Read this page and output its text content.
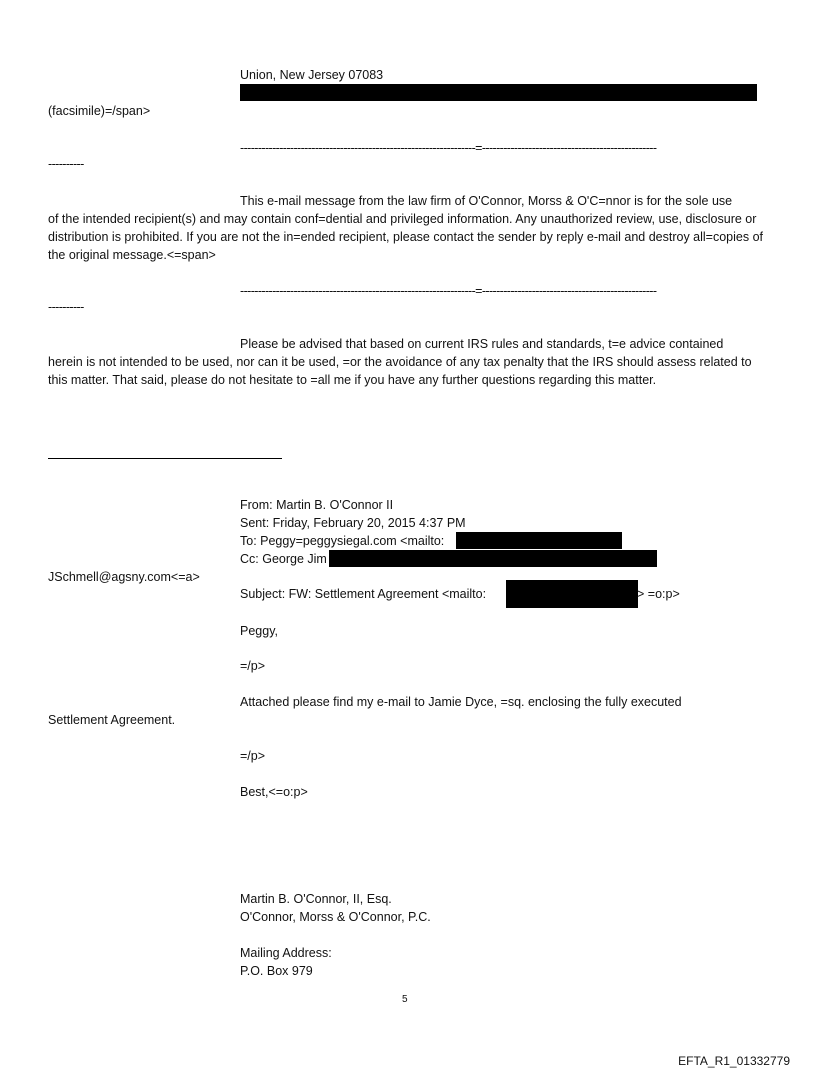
Union, New Jersey 07083
(facsimile)=/span>
------------------------------------------------------------------=-------------------------------------------------
----------
This e-mail message from the law firm of O'Connor, Morss & O'C=nnor is for the sole use
of the intended recipient(s) and may contain conf=dential and privileged information. Any unauthorized review, use, disclosure or distribution is prohibited. If you are not the in=ended recipient, please contact the sender by reply e-mail and destroy all=copies of the original message.<=span>
------------------------------------------------------------------=-------------------------------------------------
----------
Please be advised that based on current IRS rules and standards, t=e advice contained
herein is not intended to be used, nor can it be used, =or the avoidance of any tax penalty that the IRS should assess related to this matter. That said, please do not hesitate to =all me if you have any further questions regarding this matter.
From: Martin B. O'Connor II
Sent: Friday, February 20, 2015 4:37 PM
To: Peggy=peggysiegal.com <mailto:
Cc: George Jim
JSchmell@agsny.com<=a>
Subject: FW: Settlement Agreement <mailto:	> =o:p>
Peggy,
=/p>
Attached please find my e-mail to Jamie Dyce, =sq. enclosing the fully executed
Settlement Agreement.
=/p>
Best,<=o:p>
Martin B. O'Connor, II, Esq.
O'Connor, Morss & O'Connor, P.C.
Mailing Address:
P.O. Box 979
5
EFTA_R1_01332779
